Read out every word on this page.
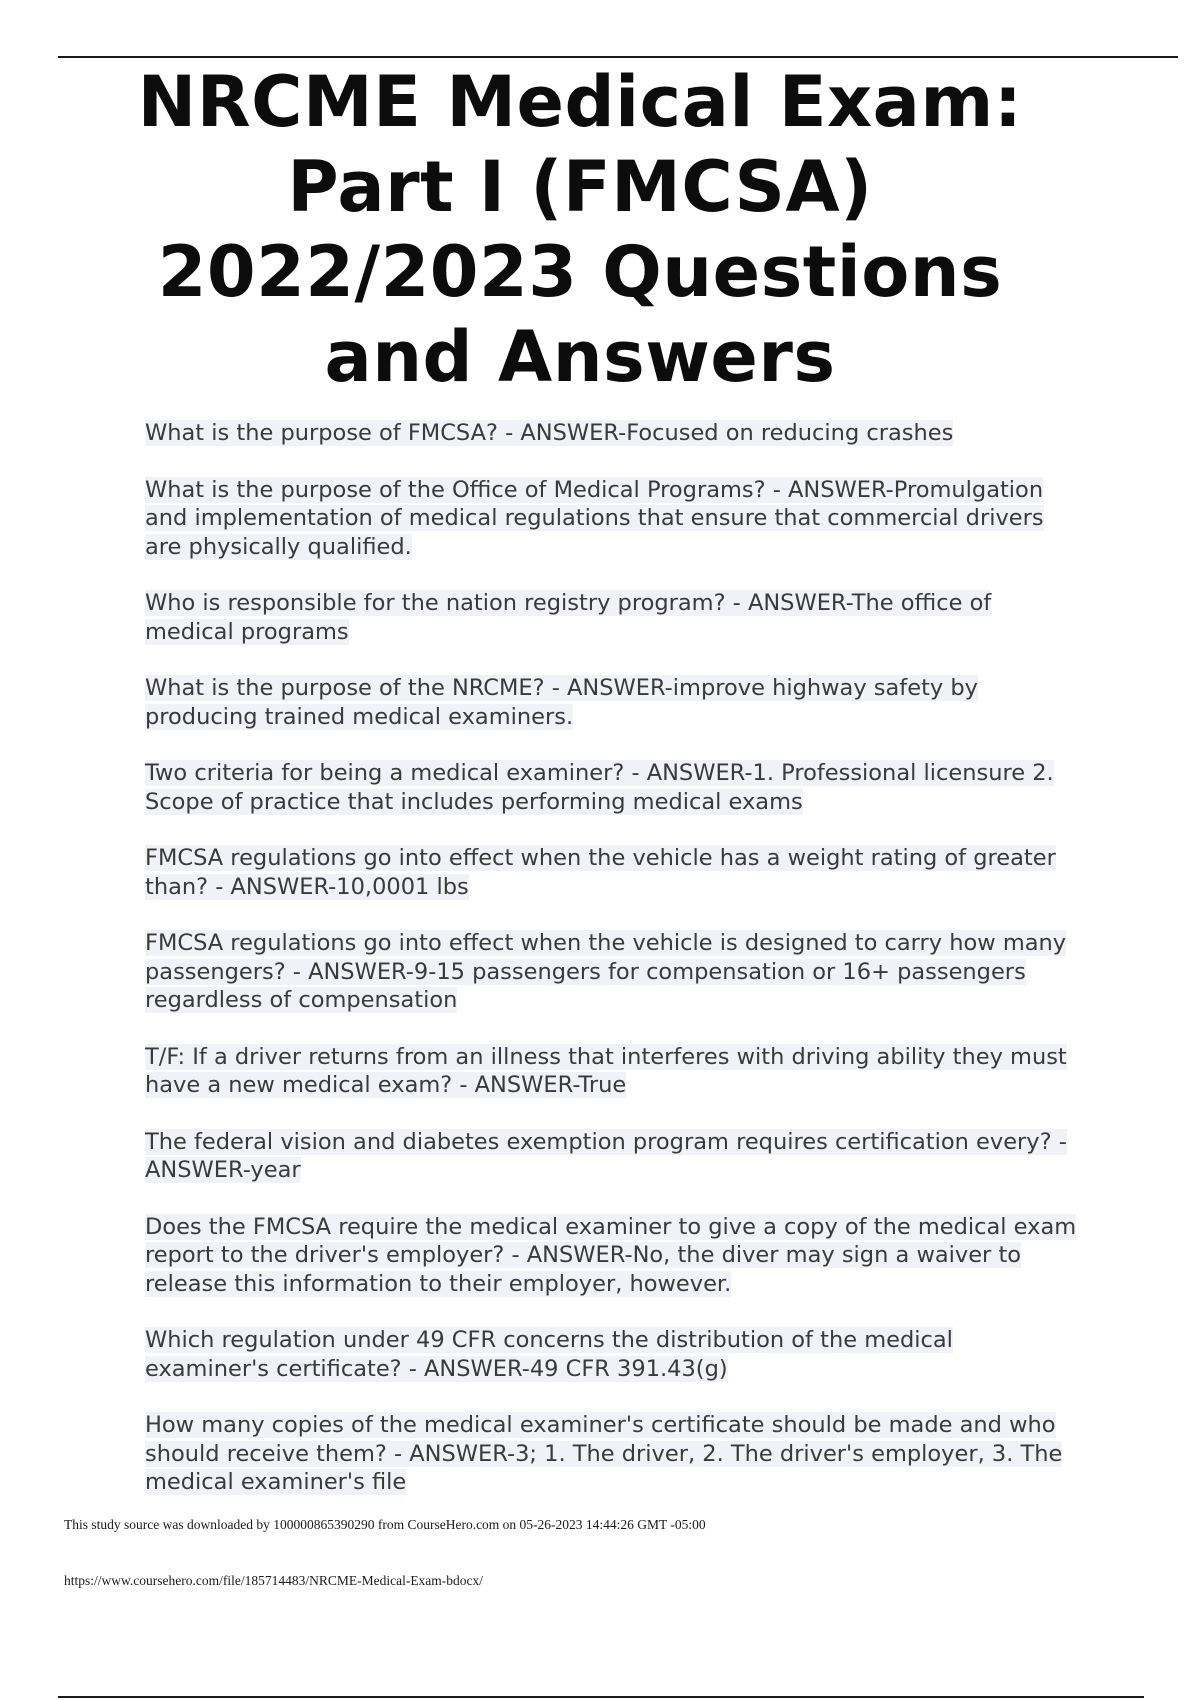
NRCME Medical Exam: Part I (FMCSA) 2022/2023 Questions and Answers
What is the purpose of FMCSA? - ANSWER-Focused on reducing crashes
What is the purpose of the Office of Medical Programs? - ANSWER-Promulgation and implementation of medical regulations that ensure that commercial drivers are physically qualified.
Who is responsible for the nation registry program? - ANSWER-The office of medical programs
What is the purpose of the NRCME? - ANSWER-improve highway safety by producing trained medical examiners.
Two criteria for being a medical examiner? - ANSWER-1. Professional licensure 2. Scope of practice that includes performing medical exams
FMCSA regulations go into effect when the vehicle has a weight rating of greater than? - ANSWER-10,0001 lbs
FMCSA regulations go into effect when the vehicle is designed to carry how many passengers? - ANSWER-9-15 passengers for compensation or 16+ passengers regardless of compensation
T/F: If a driver returns from an illness that interferes with driving ability they must have a new medical exam? - ANSWER-True
The federal vision and diabetes exemption program requires certification every? - ANSWER-year
Does the FMCSA require the medical examiner to give a copy of the medical exam report to the driver's employer? - ANSWER-No, the diver may sign a waiver to release this information to their employer, however.
Which regulation under 49 CFR concerns the distribution of the medical examiner's certificate? - ANSWER-49 CFR 391.43(g)
How many copies of the medical examiner's certificate should be made and who should receive them? - ANSWER-3; 1. The driver, 2. The driver's employer, 3. The medical examiner's file
This study source was downloaded by 100000865390290 from CourseHero.com on 05-26-2023 14:44:26 GMT -05:00
https://www.coursehero.com/file/185714483/NRCME-Medical-Exam-bdocx/
